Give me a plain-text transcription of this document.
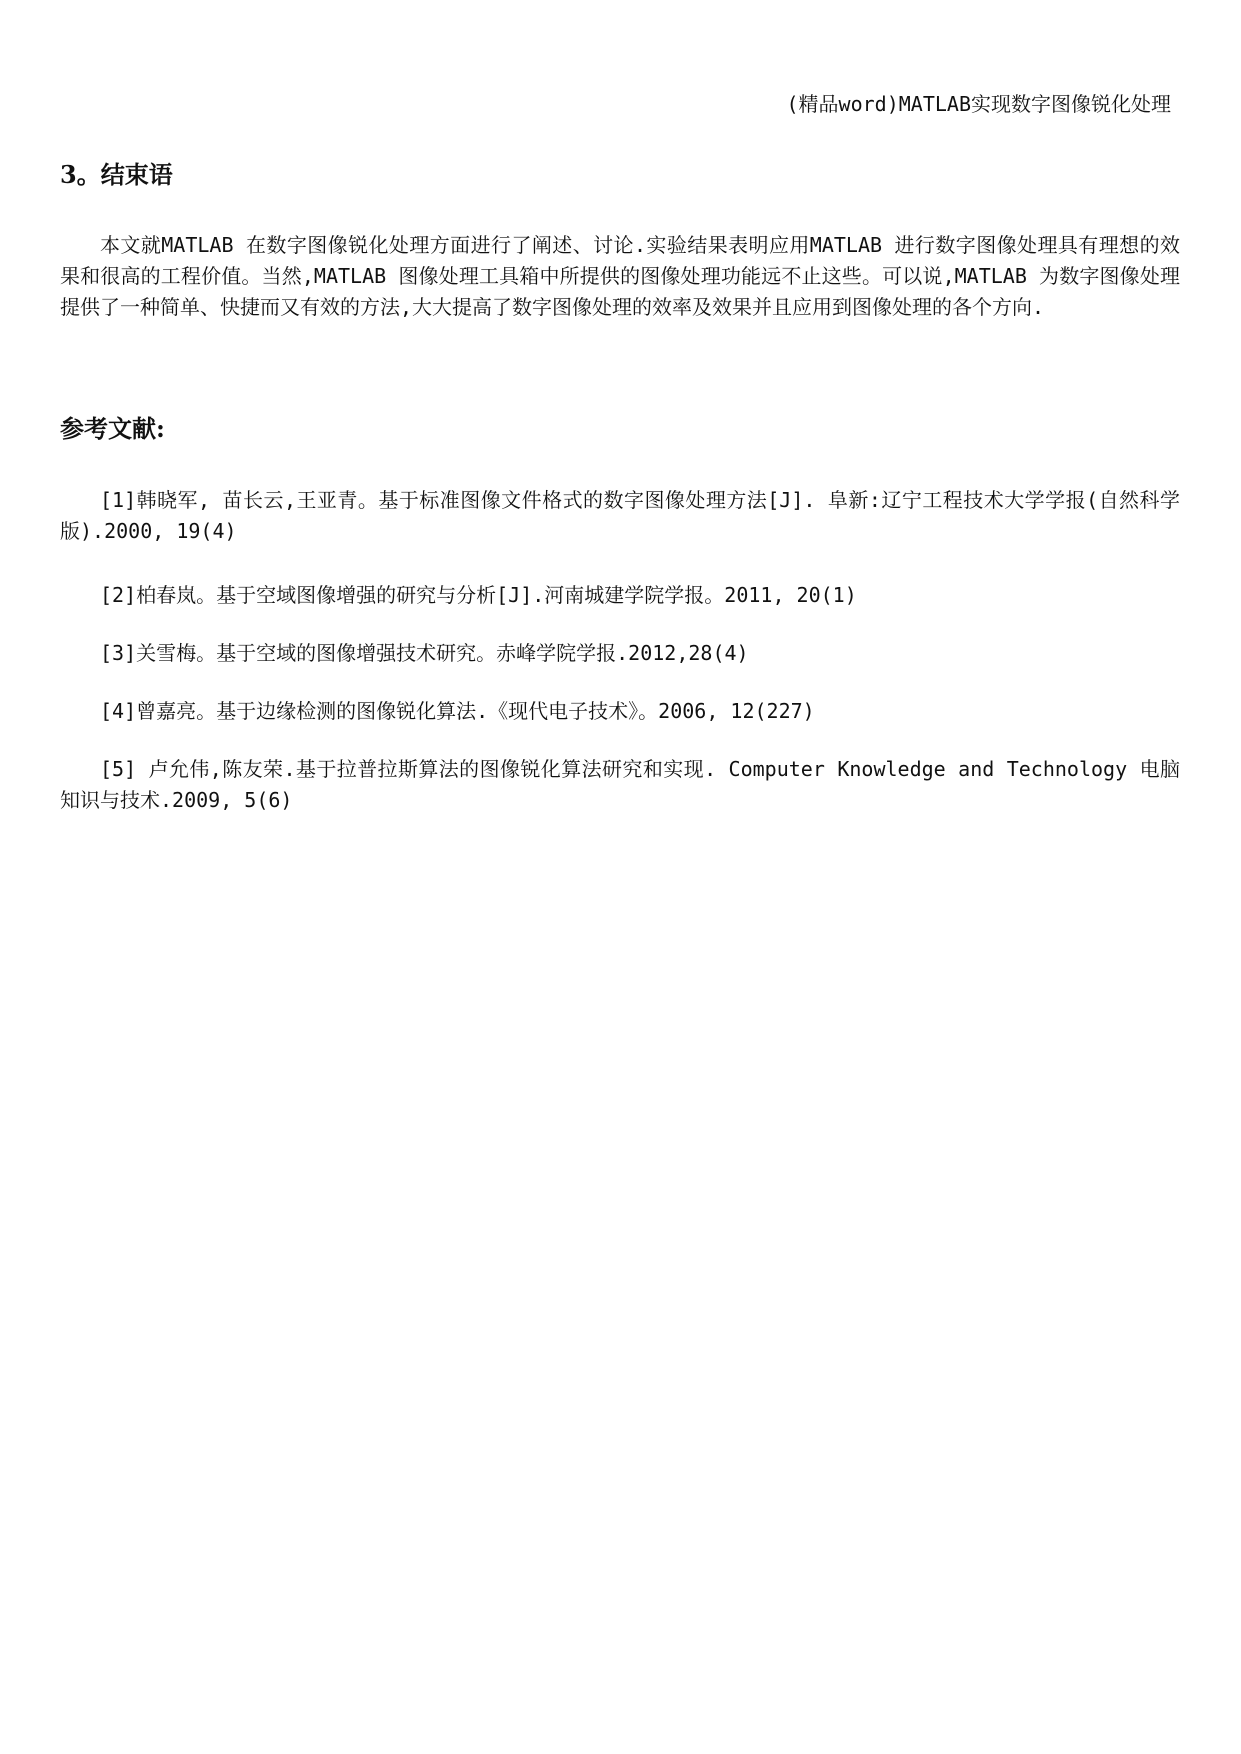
(精品word)MATLAB实现数字图像锐化处理
3。结束语

本文就MATLAB 在数字图像锐化处理方面进行了阐述、讨论.实验结果表明应用MATLAB 进行数字图像处理具有理想的效果和很高的工程价值。当然,MATLAB 图像处理工具箱中所提供的图像处理功能远不止这些。可以说,MATLAB 为数字图像处理提供了一种简单、快捷而又有效的方法,大大提高了数字图像处理的效率及效果并且应用到图像处理的各个方向.

参考文献:

[1]韩晓军, 苗长云,王亚青。基于标准图像文件格式的数字图像处理方法[J]. 阜新:辽宁工程技术大学学报(自然科学版).2000, 19(4)

[2]柏春岚。基于空域图像增强的研究与分析[J].河南城建学院学报。2011, 20(1)

[3]关雪梅。基于空域的图像增强技术研究。赤峰学院学报.2012,28(4)

[4]曾嘉亮。基于边缘检测的图像锐化算法.《现代电子技术》。2006, 12(227)

[5] 卢允伟,陈友荣.基于拉普拉斯算法的图像锐化算法研究和实现. Computer Knowledge and Technology 电脑知识与技术.2009, 5(6)
